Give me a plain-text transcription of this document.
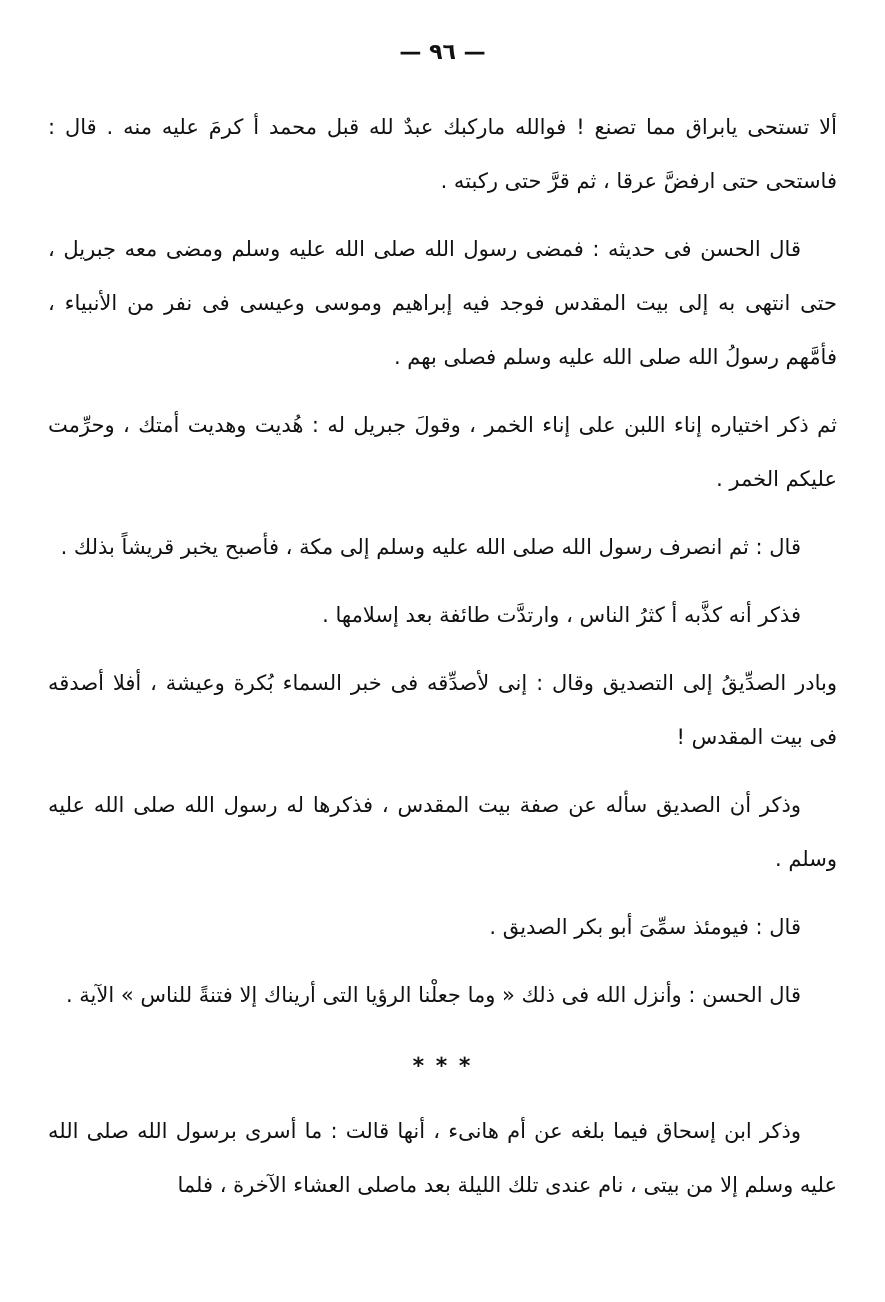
— ٩٦ —

ألا تستحى يابراق مما تصنع ! فوالله ماركبك عبدٌ لله قبل محمد أ كرمَ عليه منه . قال : فاستحى حتى ارفضَّ عرقا ، ثم قرَّ حتى ركبته .

قال الحسن فى حديثه : فمضى رسول الله صلى الله عليه وسلم ومضى معه جبريل ، حتى انتهى به إلى بيت المقدس فوجد فيه إبراهيم وموسى وعيسى فى نفر من الأنبياء ، فأمَّهم رسولُ الله صلى الله عليه وسلم فصلى بهم .

ثم ذكر اختياره إناء اللبن على إناء الخمر ، وقولَ جبريل له : هُديت وهديت أمتك ، وحرِّمت عليكم الخمر .

قال : ثم انصرف رسول الله صلى الله عليه وسلم إلى مكة ، فأصبح يخبر قريشاً بذلك .

فذكر أنه كذَّبه أ كثرُ الناس ، وارتدَّت طائفة بعد إسلامها .

وبادر الصدِّيقُ إلى التصديق وقال : إنى لأصدِّقه فى خبر السماء بُكرة وعيشة ، أفلا أصدقه فى بيت المقدس !

وذكر أن الصديق سأله عن صفة بيت المقدس ، فذكرها له رسول الله صلى الله عليه وسلم .

قال : فيومئذ سمِّىَ أبو بكر الصديق .

قال الحسن : وأنزل الله فى ذلك « وما جعلْنا الرؤيا التى أريناك إلا فتنةً للناس » الآية .

* * *

وذكر ابن إسحاق فيما بلغه عن أم هانىء ، أنها قالت : ما أسرى برسول الله صلى الله عليه وسلم إلا من بيتى ، نام عندى تلك الليلة بعد ماصلى العشاء الآخرة ، فلما
